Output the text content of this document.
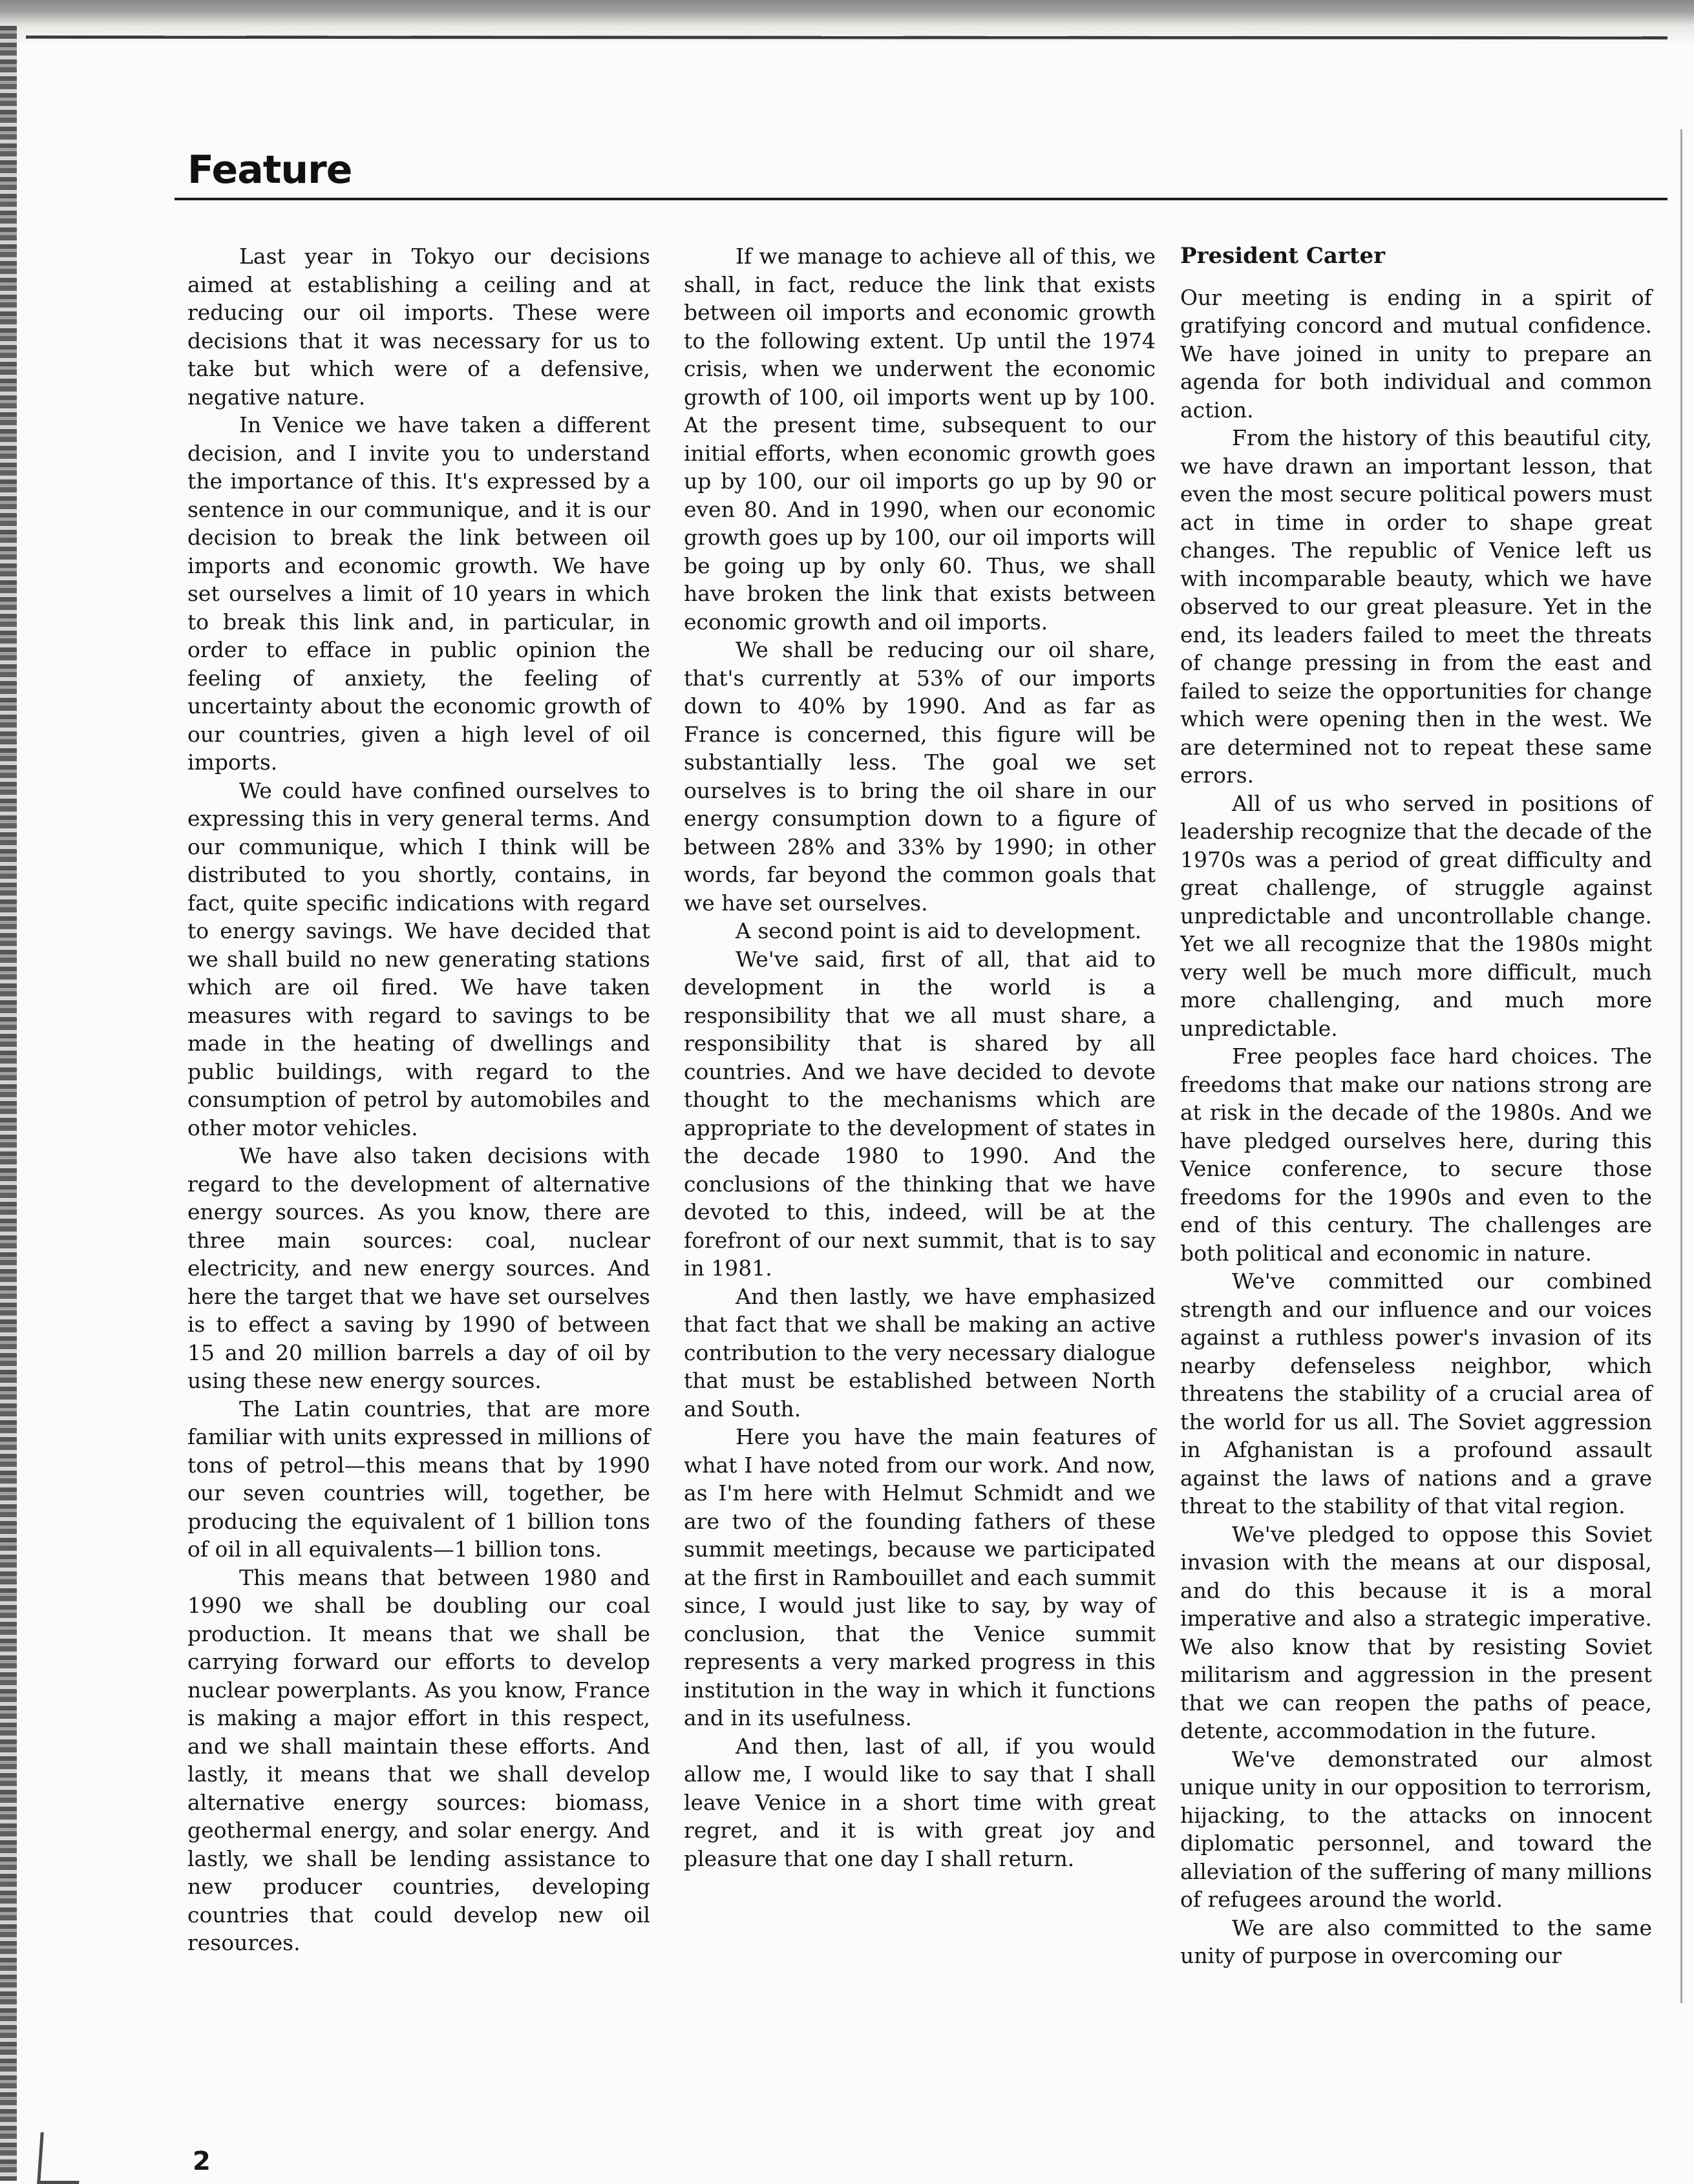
Feature

Last year in Tokyo our decisions aimed at establishing a ceiling and at reducing our oil imports. These were decisions that it was necessary for us to take but which were of a defensive, negative nature.

In Venice we have taken a different decision, and I invite you to understand the importance of this. It's expressed by a sentence in our communique, and it is our decision to break the link between oil imports and economic growth. We have set ourselves a limit of 10 years in which to break this link and, in particular, in order to efface in public opinion the feeling of anxiety, the feeling of uncertainty about the economic growth of our countries, given a high level of oil imports.

We could have confined ourselves to expressing this in very general terms. And our communique, which I think will be distributed to you shortly, contains, in fact, quite specific indications with regard to energy savings. We have decided that we shall build no new generating stations which are oil fired. We have taken measures with regard to savings to be made in the heating of dwellings and public buildings, with regard to the consumption of petrol by automobiles and other motor vehicles.

We have also taken decisions with regard to the development of alternative energy sources. As you know, there are three main sources: coal, nuclear electricity, and new energy sources. And here the target that we have set ourselves is to effect a saving by 1990 of between 15 and 20 million barrels a day of oil by using these new energy sources.

The Latin countries, that are more familiar with units expressed in millions of tons of petrol—this means that by 1990 our seven countries will, together, be producing the equivalent of 1 billion tons of oil in all equivalents—1 billion tons.

This means that between 1980 and 1990 we shall be doubling our coal production. It means that we shall be carrying forward our efforts to develop nuclear powerplants. As you know, France is making a major effort in this respect, and we shall maintain these efforts. And lastly, it means that we shall develop alternative energy sources: biomass, geothermal energy, and solar energy. And lastly, we shall be lending assistance to new producer countries, developing countries that could develop new oil resources.

If we manage to achieve all of this, we shall, in fact, reduce the link that exists between oil imports and economic growth to the following extent. Up until the 1974 crisis, when we underwent the economic growth of 100, oil imports went up by 100. At the present time, subsequent to our initial efforts, when economic growth goes up by 100, our oil imports go up by 90 or even 80. And in 1990, when our economic growth goes up by 100, our oil imports will be going up by only 60. Thus, we shall have broken the link that exists between economic growth and oil imports.

We shall be reducing our oil share, that's currently at 53% of our imports down to 40% by 1990. And as far as France is concerned, this figure will be substantially less. The goal we set ourselves is to bring the oil share in our energy consumption down to a figure of between 28% and 33% by 1990; in other words, far beyond the common goals that we have set ourselves.

A second point is aid to development.

We've said, first of all, that aid to development in the world is a responsibility that we all must share, a responsibility that is shared by all countries. And we have decided to devote thought to the mechanisms which are appropriate to the development of states in the decade 1980 to 1990. And the conclusions of the thinking that we have devoted to this, indeed, will be at the forefront of our next summit, that is to say in 1981.

And then lastly, we have emphasized that fact that we shall be making an active contribution to the very necessary dialogue that must be established between North and South.

Here you have the main features of what I have noted from our work. And now, as I'm here with Helmut Schmidt and we are two of the founding fathers of these summit meetings, because we participated at the first in Rambouillet and each summit since, I would just like to say, by way of conclusion, that the Venice summit represents a very marked progress in this institution in the way in which it functions and in its usefulness.

And then, last of all, if you would allow me, I would like to say that I shall leave Venice in a short time with great regret, and it is with great joy and pleasure that one day I shall return.

President Carter

Our meeting is ending in a spirit of gratifying concord and mutual confidence. We have joined in unity to prepare an agenda for both individual and common action.

From the history of this beautiful city, we have drawn an important lesson, that even the most secure political powers must act in time in order to shape great changes. The republic of Venice left us with incomparable beauty, which we have observed to our great pleasure. Yet in the end, its leaders failed to meet the threats of change pressing in from the east and failed to seize the opportunities for change which were opening then in the west. We are determined not to repeat these same errors.

All of us who served in positions of leadership recognize that the decade of the 1970s was a period of great difficulty and great challenge, of struggle against unpredictable and uncontrollable change. Yet we all recognize that the 1980s might very well be much more difficult, much more challenging, and much more unpredictable.

Free peoples face hard choices. The freedoms that make our nations strong are at risk in the decade of the 1980s. And we have pledged ourselves here, during this Venice conference, to secure those freedoms for the 1990s and even to the end of this century. The challenges are both political and economic in nature.

We've committed our combined strength and our influence and our voices against a ruthless power's invasion of its nearby defenseless neighbor, which threatens the stability of a crucial area of the world for us all. The Soviet aggression in Afghanistan is a profound assault against the laws of nations and a grave threat to the stability of that vital region.

We've pledged to oppose this Soviet invasion with the means at our disposal, and do this because it is a moral imperative and also a strategic imperative. We also know that by resisting Soviet militarism and aggression in the present that we can reopen the paths of peace, detente, accommodation in the future.

We've demonstrated our almost unique unity in our opposition to terrorism, hijacking, to the attacks on innocent diplomatic personnel, and toward the alleviation of the suffering of many millions of refugees around the world.

We are also committed to the same unity of purpose in overcoming our

2
